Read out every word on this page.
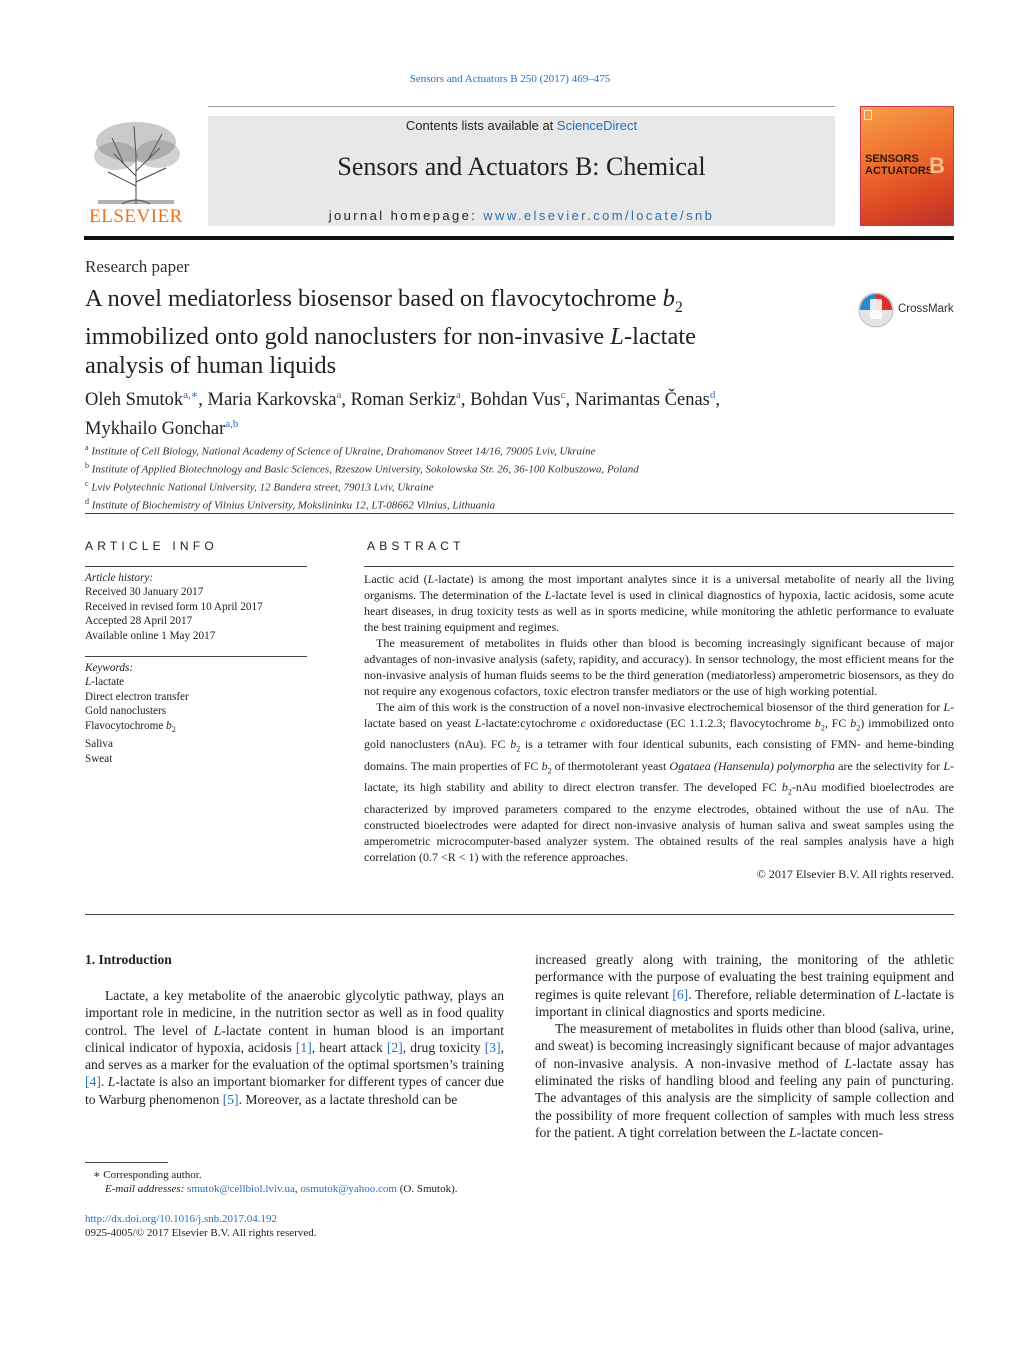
Sensors and Actuators B 250 (2017) 469–475
ELSEVIER
Contents lists available at ScienceDirect
Sensors and Actuators B: Chemical
journal homepage: www.elsevier.com/locate/snb
SENSORS
ACTUATORS
B
Research paper
A novel mediatorless biosensor based on flavocytochrome $b_2$
immobilized onto gold nanoclusters for non-invasive L-lactate
analysis of human liquids
CrossMark
Oleh Smutok$^{a,∗}$, Maria Karkovska$^a$, Roman Serkiz$^a$, Bohdan Vus$^c$, Narimantas Čenas$^d$,
Mykhailo Gonchar$^{a,b}$
$^a$ Institute of Cell Biology, National Academy of Science of Ukraine, Drahomanov Street 14/16, 79005 Lviv, Ukraine
$^b$ Institute of Applied Biotechnology and Basic Sciences, Rzeszow University, Sokolowska Str. 26, 36-100 Kolbuszowa, Poland
$^c$ Lviv Polytechnic National University, 12 Bandera street, 79013 Lviv, Ukraine
$^d$ Institute of Biochemistry of Vilnius University, Mokslininku 12, LT-08662 Vilnius, Lithuania
ARTICLE INFO	ABSTRACT
Article history:
Received 30 January 2017
Received in revised form 10 April 2017
Accepted 28 April 2017
Available online 1 May 2017
Keywords:
L-lactate
Direct electron transfer
Gold nanoclusters
Flavocytochrome $b_2$
Saliva
Sweat

Lactic acid (L-lactate) is among the most important analytes since it is a universal metabolite of nearly all the living organisms. The determination of the L-lactate level is used in clinical diagnostics of hypoxia, lactic acidosis, some acute heart diseases, in drug toxicity tests as well as in sports medicine, while monitoring the athletic performance to evaluate the best training equipment and regimes.

The measurement of metabolites in fluids other than blood is becoming increasingly significant because of major advantages of non-invasive analysis (safety, rapidity, and accuracy). In sensor technology, the most efficient means for the non-invasive analysis of human fluids seems to be the third generation (mediatorless) amperometric biosensors, as they do not require any exogenous cofactors, toxic electron transfer mediators or the use of high working potential.

The aim of this work is the construction of a novel non-invasive electrochemical biosensor of the third generation for L-lactate based on yeast L-lactate:cytochrome c oxidoreductase (EC 1.1.2.3; flavocytochrome $b_2$, FC $b_2$) immobilized onto gold nanoclusters (nAu). FC $b_2$ is a tetramer with four identical subunits, each consisting of FMN- and heme-binding domains. The main properties of FC $b_2$ of thermotolerant yeast Ogataea (Hansenula) polymorpha are the selectivity for L-lactate, its high stability and ability to direct electron transfer. The developed FC $b_2$-nAu modified bioelectrodes are characterized by improved parameters compared to the enzyme electrodes, obtained without the use of nAu. The constructed bioelectrodes were adapted for direct non-invasive analysis of human saliva and sweat samples using the amperometric microcomputer-based analyzer system. The obtained results of the real samples analysis have a high correlation (0.7 <R < 1) with the reference approaches.

© 2017 Elsevier B.V. All rights reserved.
1. Introduction
Lactate, a key metabolite of the anaerobic glycolytic pathway, plays an important role in medicine, in the nutrition sector as well as in food quality control. The level of L-lactate content in human blood is an important clinical indicator of hypoxia, acidosis [1], heart attack [2], drug toxicity [3], and serves as a marker for the evaluation of the optimal sportsmen’s training [4]. L-lactate is also an important biomarker for different types of cancer due to Warburg phenomenon [5]. Moreover, as a lactate threshold can be

increased greatly along with training, the monitoring of the athletic performance with the purpose of evaluating the best training equipment and regimes is quite relevant [6]. Therefore, reliable determination of L-lactate is important in clinical diagnostics and sports medicine.

The measurement of metabolites in fluids other than blood (saliva, urine, and sweat) is becoming increasingly significant because of major advantages of non-invasive analysis. A non-invasive method of L-lactate assay has eliminated the risks of handling blood and feeling any pain of puncturing. The advantages of this analysis are the simplicity of sample collection and the possibility of more frequent collection of samples with much less stress for the patient. A tight correlation between the L-lactate concen-

∗ Corresponding author.
E-mail addresses: smutok@cellbiol.lviv.ua, osmutok@yahoo.com (O. Smutok).
http://dx.doi.org/10.1016/j.snb.2017.04.192
0925-4005/© 2017 Elsevier B.V. All rights reserved.
